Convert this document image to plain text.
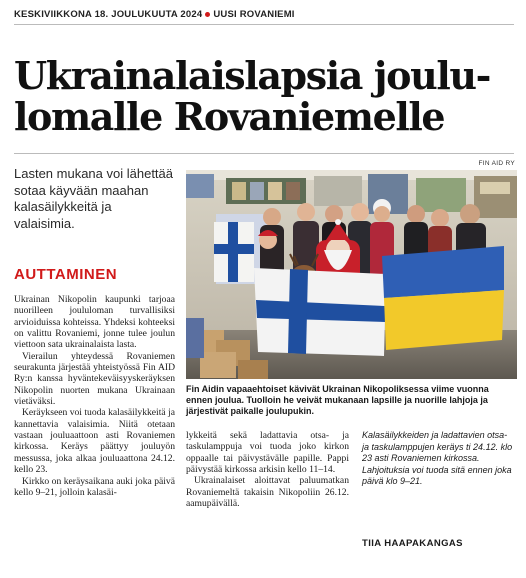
KESKIVIIKKONA 18. JOULUKUUTA 2024 UUSI ROVANIEMI
Ukrainalaislapsia joulu-
lomalle Rovaniemelle
Lasten mukana voi lähettää sotaa käyvään maahan kalasäilykkeitä ja valaisimia.
AUTTAMINEN

Ukrainan Nikopolin kaupunki tarjoaa nuorilleen joululoman turvallisiksi arvioiduissa kohteissa. Yhdeksi kohteeksi on valittu Rovaniemi, jonne tulee joulun viettoon sata ukrainalaista lasta.

Vierailun yhteydessä Rovaniemen seurakunta järjestää yhteistyössä Fin AID Ry:n kanssa hyväntekeväisyyskeräyksen Nikopolin nuorten mukana Ukrainaan vietäväksi.

Keräykseen voi tuoda kalasäilykkeitä ja kannettavia valaisimia. Niitä otetaan vastaan jouluaattoon asti Rovaniemen kirkossa. Keräys päättyy jouluyön messussa, joka alkaa jouluaattona 24.12. kello 23.

Kirkko on keräysaikana auki joka päivä kello 9–21, jolloin kalasäi-

lykkeitä sekä ladattavia otsa- ja taskulamppuja voi tuoda joko kirkon oppaalle tai päivystävälle papille. Pappi päivystää kirkossa arkisin kello 11–14.

Ukrainalaiset aloittavat paluumatkan Rovaniemeltä takaisin Nikopoliin 26.12. aamupäivällä.

FIN AID RY
Fin Aidin vapaaehtoiset kävivät Ukrainan Nikopoliksessa viime vuonna ennen joulua. Tuolloin he veivät mukanaan lapsille ja nuorille lahjoja ja järjestivät paikalle joulupukin.
Kalasäilykkeiden ja ladattavien otsa- ja taskulamppujen keräys ti 24.12. klo 23 asti Rovaniemen kirkossa. Lahjoituksia voi tuoda sitä ennen joka päivä klo 9–21.
TIIA HAAPAKANGAS
